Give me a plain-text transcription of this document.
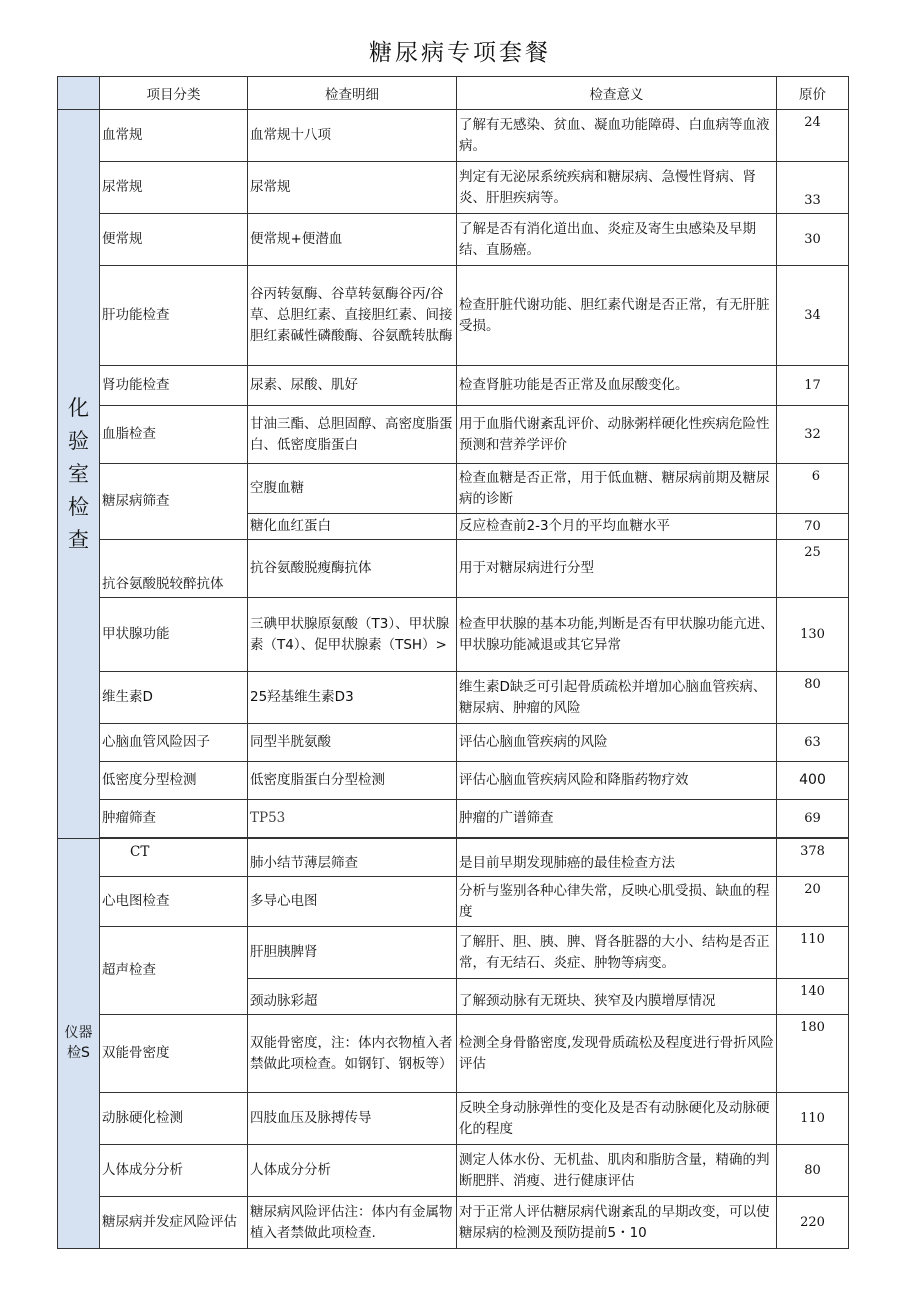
糖尿病专项套餐
	项目分类	检查明细	检查意义	原价
化验室检查	血常规	血常规十八项	了解有无感染、贫血、凝血功能障碍、白血病等血液病。	24
	尿常规	尿常规	判定有无泌尿系统疾病和糖尿病、急慢性肾病、肾炎、肝胆疾病等。	33
	便常规	便常规+便潜血	了解是否有消化道出血、炎症及寄生虫感染及早期结、直肠癌。	30
	肝功能检查	谷丙转氨酶、谷草转氨酶谷丙/谷草、总胆红素、直接胆红素、间接胆红素碱性磷酸酶、谷氨酰转肽酶	检查肝脏代谢功能、胆红素代谢是否正常，有无肝脏受损。	34
	肾功能检查	尿素、尿酸、肌好	检查肾脏功能是否正常及血尿酸变化。	17
	血脂检查	甘油三酯、总胆固醇、高密度脂蛋白、低密度脂蛋白	用于血脂代谢紊乱评价、动脉粥样硬化性疾病危险性预测和营养学评价	32
	糖尿病筛查	空腹血糖	检查血糖是否正常，用于低血糖、糖尿病前期及糖尿病的诊断	6
		糖化血红蛋白	反应检查前2-3个月的平均血糖水平	70
	抗谷氨酸脱较醉抗体	抗谷氨酸脱瘦酶抗体	用于对糖尿病进行分型	25
	甲状腺功能	三碘甲状腺原氨酸（T3）、甲状腺素（T4）、促甲状腺素（TSH）>	检查甲状腺的基本功能,判断是否有甲状腺功能亢进、甲状腺功能减退或其它异常	130
	维生素D	25羟基维生素D3	维生素D缺乏可引起骨质疏松并增加心脑血管疾病、糖尿病、肿瘤的风险	80
	心脑血管风险因子	同型半胱氨酸	评估心脑血管疾病的风险	63
	低密度分型检测	低密度脂蛋白分型检测	评估心脑血管疾病风险和降脂药物疗效	400
	肿瘤筛查	TP53	肿瘤的广谱筛查	69

仪器检S	CT	肺小结节薄层筛查	是目前早期发现肺癌的最佳检查方法	378
	心电图检查	多导心电图	分析与鉴别各种心律失常，反映心肌受损、缺血的程度	20
	超声检查	肝胆胰脾肾	了解肝、胆、胰、脾、肾各脏器的大小、结构是否正常，有无结石、炎症、肿物等病变。	110
		颈动脉彩超	了解颈动脉有无斑块、狭窄及内膜增厚情况	140
	双能骨密度	双能骨密度，注：体内衣物植入者禁做此项检查。如钢钉、钢板等）	检测全身骨骼密度,发现骨质疏松及程度进行骨折风险评估	180
	动脉硬化检测	四肢血压及脉搏传导	反映全身动脉弹性的变化及是否有动脉硬化及动脉硬化的程度	110
	人体成分分析	人体成分分析	测定人体水份、无机盐、肌肉和脂肪含量，精确的判断肥胖、消瘦、进行健康评估	80
	糖尿病并发症风险评估	糖尿病风险评估注：体内有金属物植入者禁做此项检查.	对于正常人评估糖尿病代谢紊乱的早期改变，可以使糖尿病的检测及预防提前5・10	220
